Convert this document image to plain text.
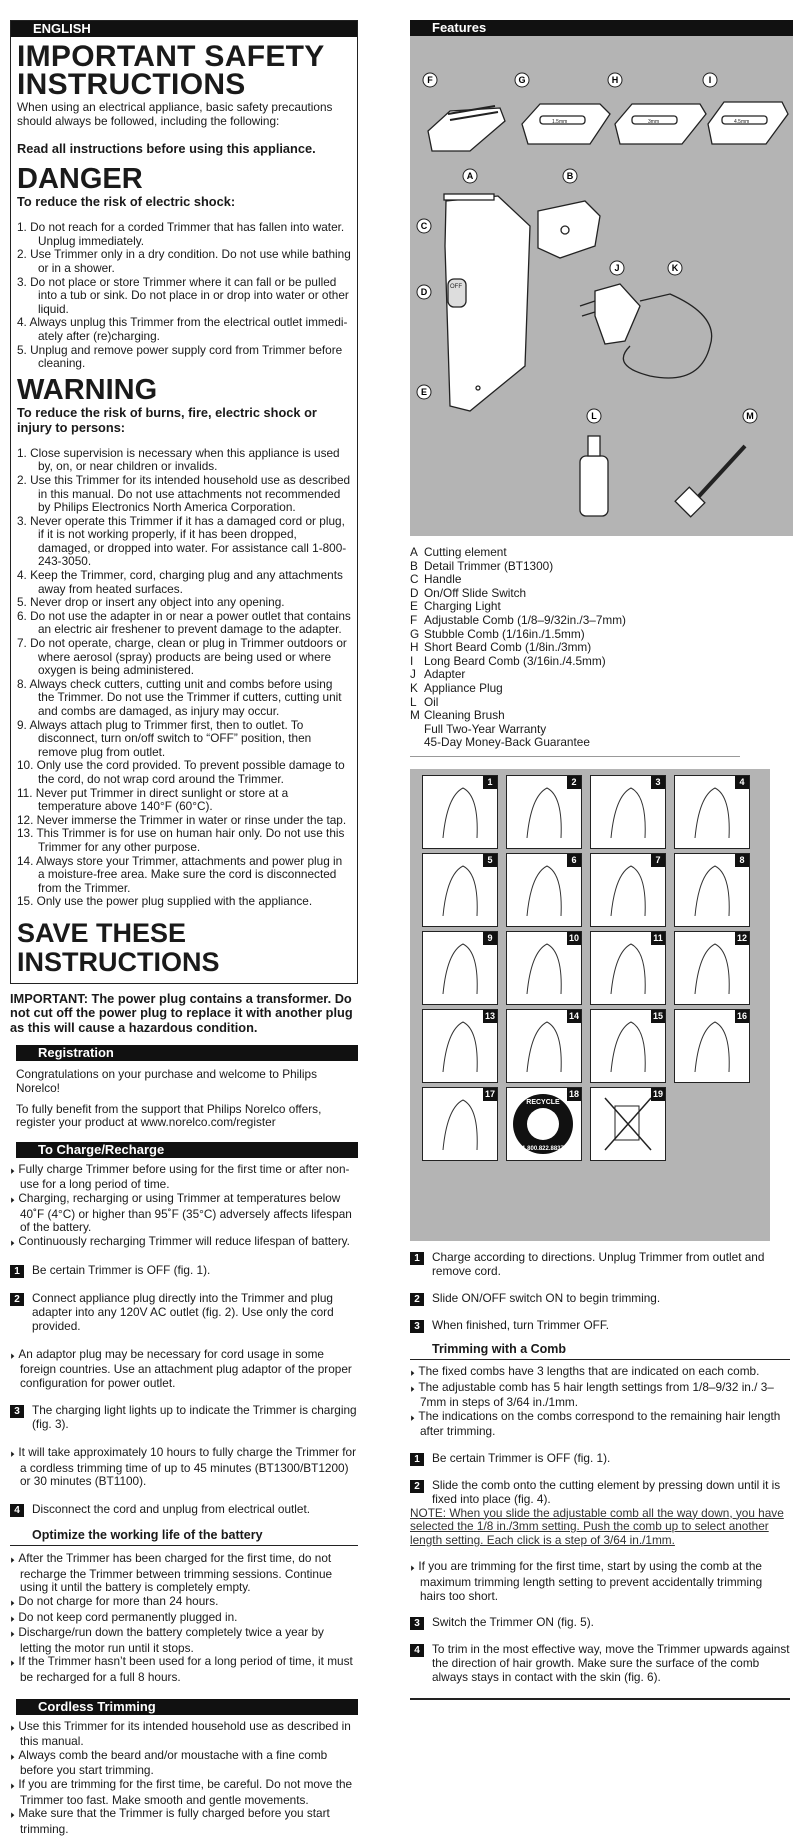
ENGLISH
IMPORTANT SAFETY
INSTRUCTIONS

When using an electrical appliance, basic safety precautions should always be followed, including the following:

Read all instructions before using this appliance.

DANGER

To reduce the risk of electric shock:

1. Do not reach for a corded Trimmer that has fallen into water. Unplug immediately.
2. Use Trimmer only in a dry condition. Do not use while bathing or in a shower.
3. Do not place or store Trimmer where it can fall or be pulled into a tub or sink. Do not place in or drop into water or other liquid.
4. Always unplug this Trimmer from the electrical outlet immedi-ately after (re)charging.
5. Unplug and remove power supply cord from Trimmer before cleaning.
WARNING

To reduce the risk of burns, fire, electric shock or injury to persons:

1. Close supervision is necessary when this appliance is used by, on, or near children or invalids.
2. Use this Trimmer for its intended household use as described in this manual. Do not use attachments not recommended by Philips Electronics North America Corporation.
3. Never operate this Trimmer if it has a damaged cord or plug, if it is not working properly, if it has been dropped, damaged, or dropped into water. For assistance call 1-800-243-3050.
4. Keep the Trimmer, cord, charging plug and any attachments away from heated surfaces.
5. Never drop or insert any object into any opening.
6. Do not use the adapter in or near a power outlet that contains an electric air freshener to prevent damage to the adapter.
7. Do not operate, charge, clean or plug in Trimmer outdoors or where aerosol (spray) products are being used or where oxygen is being administered.
8. Always check cutters, cutting unit and combs before using the Trimmer. Do not use the Trimmer if cutters, cutting unit and combs are damaged, as injury may occur.
9. Always attach plug to Trimmer first, then to outlet. To disconnect, turn on/off switch to “OFF” position, then remove plug from outlet.
10. Only use the cord provided. To prevent possible damage to the cord, do not wrap cord around the Trimmer.
11. Never put Trimmer in direct sunlight or store at a temperature above 140°F (60°C).
12. Never immerse the Trimmer in water or rinse under the tap.
13. This Trimmer is for use on human hair only. Do not use this Trimmer for any other purpose.
14. Always store your Trimmer, attachments and power plug in a moisture-free area. Make sure the cord is disconnected from the Trimmer.
15. Only use the power plug supplied with the appliance.
SAVE THESE INSTRUCTIONS

IMPORTANT: The power plug contains a transformer. Do not cut off the power plug to replace it with another plug as this will cause a hazardous condition.

Registration

Congratulations on your purchase and welcome to Philips Norelco!

To fully benefit from the support that Philips Norelco offers, register your product at www.norelco.com/register

To Charge/Recharge
▶ Fully charge Trimmer before using for the first time or after non-use for a long period of time.
▶ Charging, recharging or using Trimmer at temperatures below 40˚F (4°C) or higher than 95˚F (35°C) adversely affects lifespan of the battery.
▶ Continuously recharging Trimmer will reduce lifespan of battery.

1 Be certain Trimmer is OFF (fig. 1).

2 Connect appliance plug directly into the Trimmer and plug adapter into any 120V AC outlet (fig. 2). Use only the cord provided.

▶ An adaptor plug may be necessary for cord usage in some foreign countries. Use an attachment plug adaptor of the proper configuration for power outlet.

3 The charging light lights up to indicate the Trimmer is charging (fig. 3).

▶ It will take approximately 10 hours to fully charge the Trimmer for a cordless trimming time of up to 45 minutes (BT1300/BT1200) or 30 minutes (BT1100).

4 Disconnect the cord and unplug from electrical outlet.

Optimize the working life of the battery
▶ After the Trimmer has been charged for the first time, do not recharge the Trimmer between trimming sessions. Continue using it until the battery is completely empty.
▶ Do not charge for more than 24 hours.
▶ Do not keep cord permanently plugged in.
▶ Discharge/run down the battery completely twice a year by letting the motor run until it stops.
▶ If the Trimmer hasn’t been used for a long period of time, it must be recharged for a full 8 hours.
Cordless Trimming
▶ Use this Trimmer for its intended household use as described in this manual.
▶ Always comb the beard and/or moustache with a fine comb before you start trimming.
▶ If you are trimming for the first time, be careful. Do not move the Trimmer too fast. Make smooth and gentle movements.
▶ Make sure that the Trimmer is fully charged before you start trimming.
Features
1.5mm	3mm	4.5mm
OFF
F	G	H	I
A	B
C
D
E
J	K
L	M
A Cutting element
B Detail Trimmer (BT1300)
C Handle
D On/Off Slide Switch
E Charging Light
F Adjustable Comb (1/8–9/32in./3–7mm)
G Stubble Comb (1/16in./1.5mm)
H Short Beard Comb (1/8in./3mm)
I Long Beard Comb (3/16in./4.5mm)
J Adapter
K Appliance Plug
L Oil
M Cleaning Brush
Full Two-Year Warranty
45-Day Money-Back Guarantee
1	2	3	4
5	6	7	8
9	10	11	12
13	14	15	16
17
RECYCLE
1.800.822.8837
18	19

1 Charge according to directions. Unplug Trimmer from outlet and remove cord.

2 Slide ON/OFF switch ON to begin trimming.

3 When finished, turn Trimmer OFF.

Trimming with a Comb
▶ The fixed combs have 3 lengths that are indicated on each comb.
▶ The adjustable comb has 5 hair length settings from 1/8–9/32 in./ 3–7mm in steps of 3/64 in./1mm.
▶ The indications on the combs correspond to the remaining hair length after trimming.

1 Be certain Trimmer is OFF (fig. 1).

2 Slide the comb onto the cutting element by pressing down until it is fixed into place (fig. 4).

NOTE: When you slide the adjustable comb all the way down, you have selected the 1/8 in./3mm setting. Push the comb up to select another length setting. Each click is a step of 3/64 in./1mm.

▶ If you are trimming for the first time, start by using the comb at the maximum trimming length setting to prevent accidentally trimming hairs too short.

3 Switch the Trimmer ON (fig. 5).

4 To trim in the most effective way, move the Trimmer upwards against the direction of hair growth. Make sure the surface of the comb always stays in contact with the skin (fig. 6).
